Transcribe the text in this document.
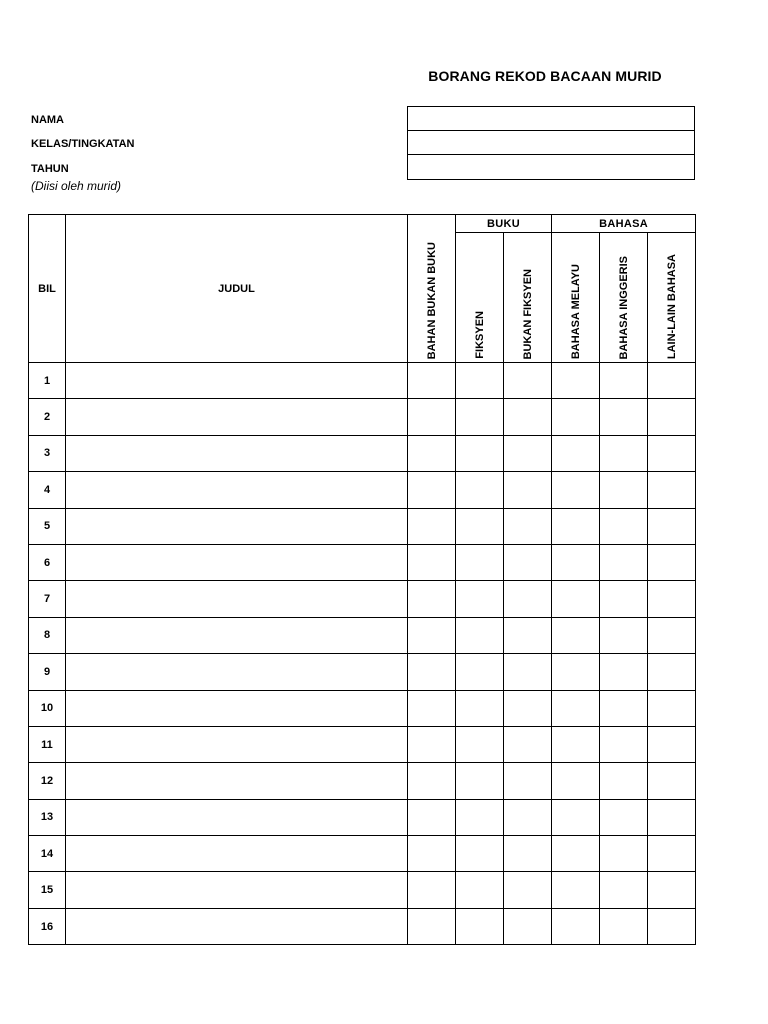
BORANG REKOD BACAAN MURID
NAMA
KELAS/TINGKATAN
TAHUN
(Diisi oleh murid)
BIL	JUDUL	BAHAN BUKAN BUKU	BUKU		BAHASA		

			FIKSYEN	BUKAN FIKSYEN	BAHASA MELAYU	BAHASA INGGERIS	LAIN-LAIN BAHASA

1							
2							
3							
4							
5							
6							
7							
8							
9							
10							
11							
12							
13							
14							
15							
16							
